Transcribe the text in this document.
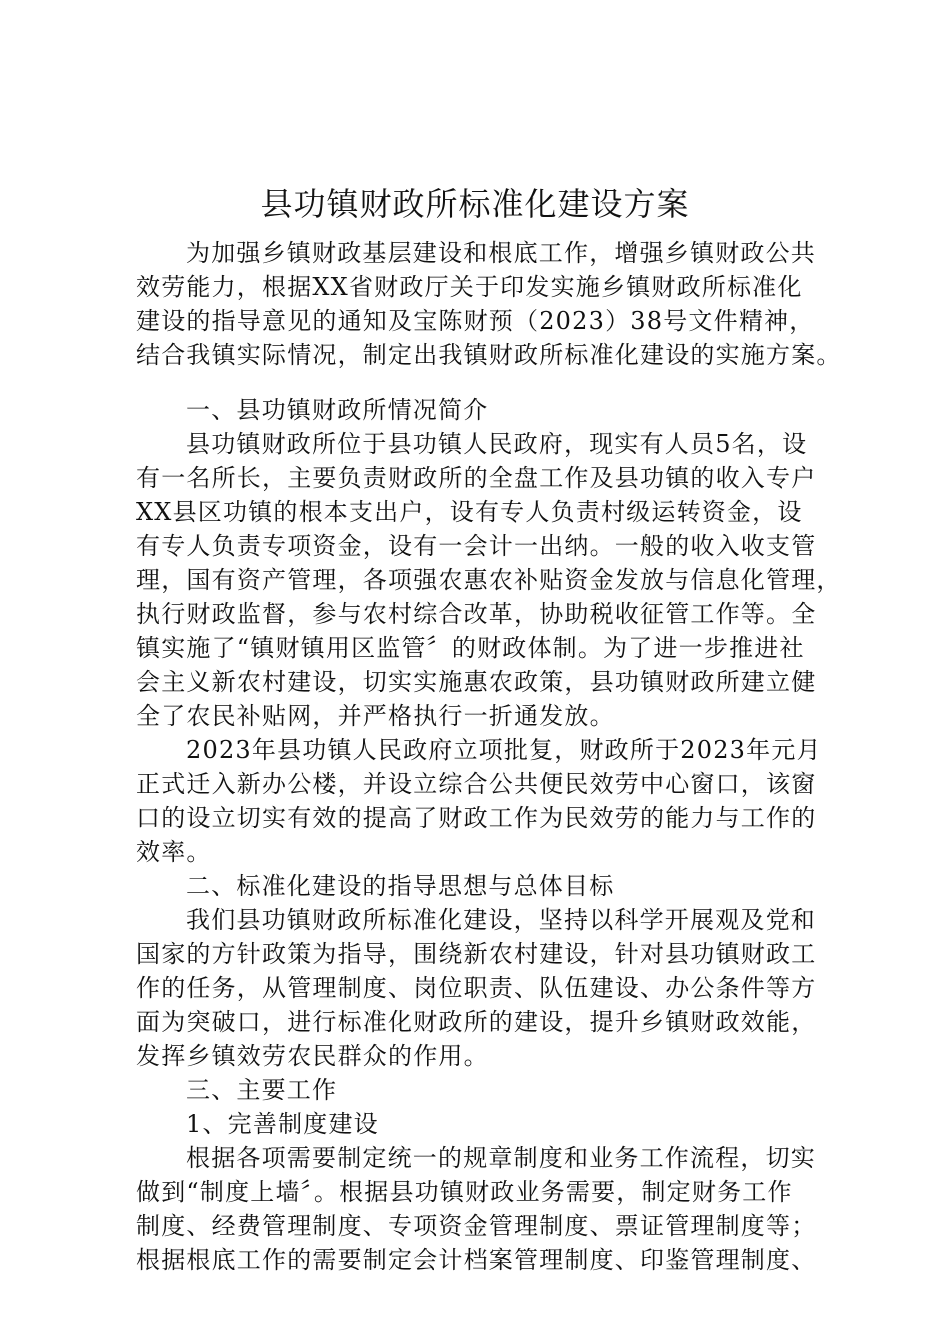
县功镇财政所标准化建设方案
为加强乡镇财政基层建设和根底工作，增强乡镇财政公共
效劳能力，根据XX省财政厅关于印发实施乡镇财政所标准化
建设的指导意见的通知及宝陈财预（2023）38号文件精神，
结合我镇实际情况，制定出我镇财政所标准化建设的实施方案。
一、县功镇财政所情况简介
县功镇财政所位于县功镇人民政府，现实有人员5名，设
有一名所长，主要负责财政所的全盘工作及县功镇的收入专户
XX县区功镇的根本支出户，设有专人负责村级运转资金，设
有专人负责专项资金，设有一会计一出纳。一般的收入收支管
理，国有资产管理，各项强农惠农补贴资金发放与信息化管理，
执行财政监督，参与农村综合改革，协助税收征管工作等。全
镇实施了“镇财镇用区监管〞的财政体制。为了进一步推进社
会主义新农村建设，切实实施惠农政策，县功镇财政所建立健
全了农民补贴网，并严格执行一折通发放。
2023年县功镇人民政府立项批复，财政所于2023年元月
正式迁入新办公楼，并设立综合公共便民效劳中心窗口，该窗
口的设立切实有效的提高了财政工作为民效劳的能力与工作的
效率。
二、标准化建设的指导思想与总体目标
我们县功镇财政所标准化建设，坚持以科学开展观及党和
国家的方针政策为指导，围绕新农村建设，针对县功镇财政工
作的任务，从管理制度、岗位职责、队伍建设、办公条件等方
面为突破口，进行标准化财政所的建设，提升乡镇财政效能，
发挥乡镇效劳农民群众的作用。
三、主要工作
1、完善制度建设
根据各项需要制定统一的规章制度和业务工作流程，切实
做到“制度上墙〞。根据县功镇财政业务需要，制定财务工作
制度、经费管理制度、专项资金管理制度、票证管理制度等；
根据根底工作的需要制定会计档案管理制度、印鉴管理制度、
